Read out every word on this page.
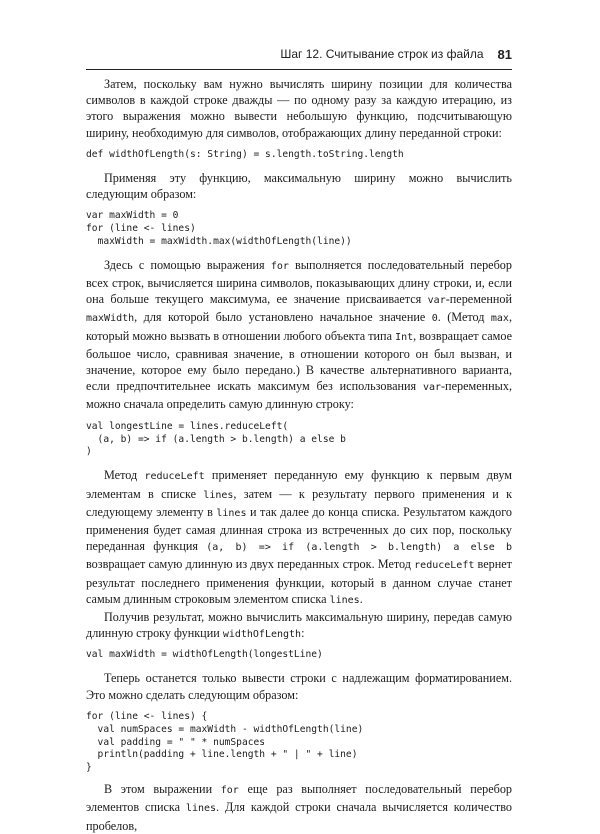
Шаг 12. Считывание строк из файла 81

Затем, поскольку вам нужно вычислять ширину позиции для количества символов в каждой строке дважды — по одному разу за каждую итерацию, из этого выражения можно вывести небольшую функцию, подсчитывающую ширину, необходимую для символов, отображающих длину переданной строки:

def widthOfLength(s: String) = s.length.toString.length

Применяя эту функцию, максимальную ширину можно вычислить следующим образом:

var maxWidth = 0
for (line <- lines)
maxWidth = maxWidth.max(widthOfLength(line))

Здесь с помощью выражения for выполняется последовательный перебор всех строк, вычисляется ширина символов, показывающих длину строки, и, если она больше текущего максимума, ее значение присваивается var-переменной maxWidth, для которой было установлено начальное значение 0. (Метод max, который можно вызвать в отношении любого объекта типа Int, возвращает самое большое число, сравнивая значение, в отношении которого он был вызван, и значение, которое ему было передано.) В качестве альтернативного варианта, если предпочтительнее искать максимум без использования var-переменных, можно сначала определить самую длинную строку:

val longestLine = lines.reduceLeft(
(a, b) => if (a.length > b.length) a else b
)

Метод reduceLeft применяет переданную ему функцию к первым двум элементам в списке lines, затем — к результату первого применения и к следующему элементу в lines и так далее до конца списка. Результатом каждого применения будет самая длинная строка из встреченных до сих пор, поскольку переданная функция (a, b) => if (a.length > b.length) a else b возвращает самую длинную из двух переданных строк. Метод reduceLeft вернет результат последнего применения функции, который в данном случае станет самым длинным строковым элементом списка lines.

Получив результат, можно вычислить максимальную ширину, передав самую длинную строку функции widthOfLength:

val maxWidth = widthOfLength(longestLine)

Теперь останется только вывести строки с надлежащим форматированием. Это можно сделать следующим образом:

for (line <- lines) {
val numSpaces = maxWidth - widthOfLength(line)
val padding = " " * numSpaces
println(padding + line.length + " | " + line)
}

В этом выражении for еще раз выполняет последовательный перебор элементов списка lines. Для каждой строки сначала вычисляется количество пробелов,
